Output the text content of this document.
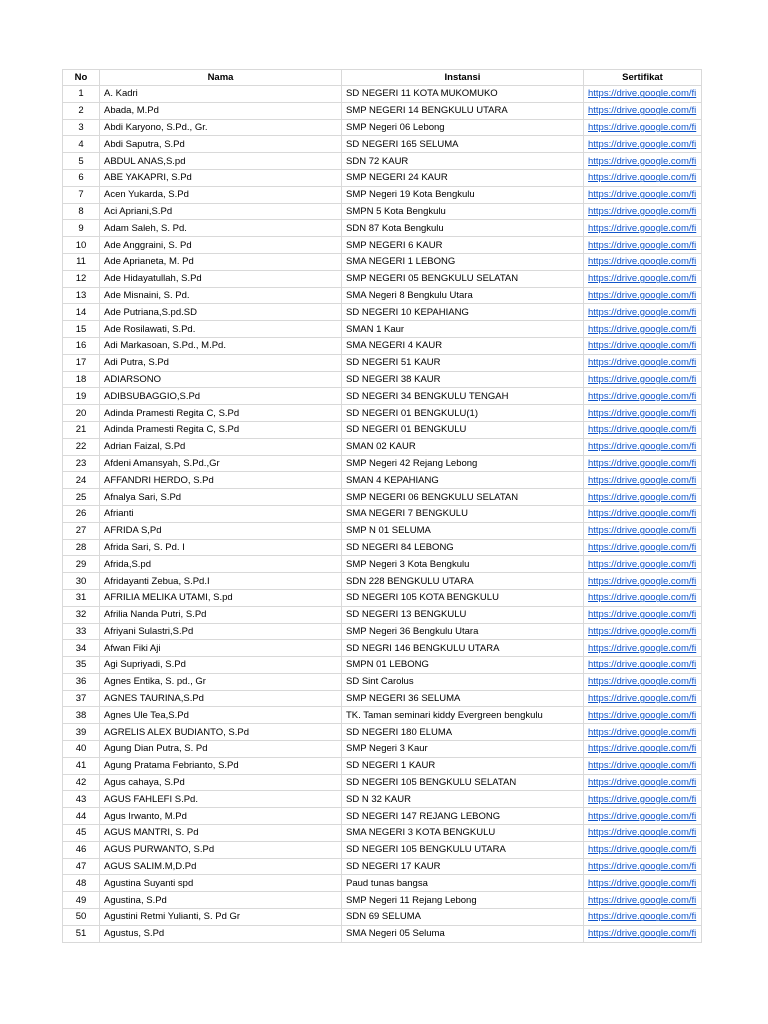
No	Nama	Instansi	Sertifikat
1	A. Kadri	SD NEGERI 11 KOTA MUKOMUKO	https://drive.google.com/fi
2	Abada, M.Pd	SMP NEGERI 14 BENGKULU UTARA	https://drive.google.com/fi
3	Abdi Karyono, S.Pd., Gr.	SMP Negeri 06 Lebong	https://drive.google.com/fi
4	Abdi Saputra, S.Pd	SD NEGERI 165 SELUMA	https://drive.google.com/fi
5	ABDUL ANAS,S.pd	SDN 72 KAUR	https://drive.google.com/fi
6	ABE YAKAPRI, S.Pd	SMP NEGERI 24 KAUR	https://drive.google.com/fi
7	Acen Yukarda, S.Pd	SMP Negeri 19 Kota Bengkulu	https://drive.google.com/fi
8	Aci Apriani,S.Pd	SMPN 5 Kota Bengkulu	https://drive.google.com/fi
9	Adam Saleh, S. Pd.	SDN 87 Kota Bengkulu	https://drive.google.com/fi
10	Ade Anggraini, S. Pd	SMP NEGERI 6 KAUR	https://drive.google.com/fi
11	Ade Aprianeta, M. Pd	SMA NEGERI 1 LEBONG	https://drive.google.com/fi
12	Ade Hidayatullah, S.Pd	SMP NEGERI 05 BENGKULU SELATAN	https://drive.google.com/fi
13	Ade Misnaini, S. Pd.	SMA Negeri 8 Bengkulu Utara	https://drive.google.com/fi
14	Ade Putriana,S.pd.SD	SD NEGERI 10 KEPAHIANG	https://drive.google.com/fi
15	Ade Rosilawati, S.Pd.	SMAN 1 Kaur	https://drive.google.com/fi
16	Adi Markasoan, S.Pd., M.Pd.	SMA NEGERI 4 KAUR	https://drive.google.com/fi
17	Adi Putra, S.Pd	SD NEGERI 51 KAUR	https://drive.google.com/fi
18	ADIARSONO	SD NEGERI 38 KAUR	https://drive.google.com/fi
19	ADIBSUBAGGIO,S.Pd	SD NEGERI 34 BENGKULU TENGAH	https://drive.google.com/fi
20	Adinda Pramesti Regita C, S.Pd	SD NEGERI 01 BENGKULU(1)	https://drive.google.com/fi
21	Adinda Pramesti Regita C, S.Pd	SD NEGERI 01 BENGKULU	https://drive.google.com/fi
22	Adrian Faizal, S.Pd	SMAN 02 KAUR	https://drive.google.com/fi
23	Afdeni Amansyah, S.Pd.,Gr	SMP Negeri 42 Rejang Lebong	https://drive.google.com/fi
24	AFFANDRI HERDO, S.Pd	SMAN 4 KEPAHIANG	https://drive.google.com/fi
25	Afnalya Sari, S.Pd	SMP NEGERI 06 BENGKULU SELATAN	https://drive.google.com/fi
26	Afrianti	SMA NEGERI 7 BENGKULU	https://drive.google.com/fi
27	AFRIDA S,Pd	SMP N 01 SELUMA	https://drive.google.com/fi
28	Afrida Sari, S. Pd. I	SD NEGERI 84 LEBONG	https://drive.google.com/fi
29	Afrida,S.pd	SMP Negeri 3 Kota Bengkulu	https://drive.google.com/fi
30	Afridayanti Zebua, S.Pd.I	SDN 228 BENGKULU UTARA	https://drive.google.com/fi
31	AFRILIA MELIKA UTAMI, S.pd	SD NEGERI 105 KOTA BENGKULU	https://drive.google.com/fi
32	Afrilia Nanda Putri, S.Pd	SD NEGERI 13 BENGKULU	https://drive.google.com/fi
33	Afriyani Sulastri,S.Pd	SMP Negeri 36 Bengkulu Utara	https://drive.google.com/fi
34	Afwan Fiki Aji	SD NEGRI 146 BENGKULU UTARA	https://drive.google.com/fi
35	Agi Supriyadi, S.Pd	SMPN 01 LEBONG	https://drive.google.com/fi
36	Agnes Entika, S. pd., Gr	SD Sint Carolus	https://drive.google.com/fi
37	AGNES TAURINA,S.Pd	SMP NEGERI 36 SELUMA	https://drive.google.com/fi
38	Agnes Ule Tea,S.Pd	TK. Taman seminari kiddy Evergreen bengkulu	https://drive.google.com/fi
39	AGRELIS ALEX BUDIANTO, S.Pd	SD NEGERI 180 ELUMA	https://drive.google.com/fi
40	Agung Dian Putra, S. Pd	SMP Negeri 3 Kaur	https://drive.google.com/fi
41	Agung Pratama Febrianto, S.Pd	SD NEGERI 1 KAUR	https://drive.google.com/fi
42	Agus cahaya, S.Pd	SD NEGERI 105 BENGKULU SELATAN	https://drive.google.com/fi
43	AGUS FAHLEFI S.Pd.	SD N 32 KAUR	https://drive.google.com/fi
44	Agus Irwanto, M.Pd	SD NEGERI 147 REJANG LEBONG	https://drive.google.com/fi
45	AGUS MANTRI, S. Pd	SMA NEGERI 3 KOTA BENGKULU	https://drive.google.com/fi
46	AGUS PURWANTO, S.Pd	SD NEGERI 105 BENGKULU UTARA	https://drive.google.com/fi
47	AGUS SALIM.M,D.Pd	SD NEGERI 17 KAUR	https://drive.google.com/fi
48	Agustina Suyanti spd	Paud tunas bangsa	https://drive.google.com/fi
49	Agustina, S.Pd	SMP Negeri 11 Rejang Lebong	https://drive.google.com/fi
50	Agustini Retmi Yulianti, S. Pd Gr	SDN 69 SELUMA	https://drive.google.com/fi
51	Agustus, S.Pd	SMA Negeri 05 Seluma	https://drive.google.com/fi
